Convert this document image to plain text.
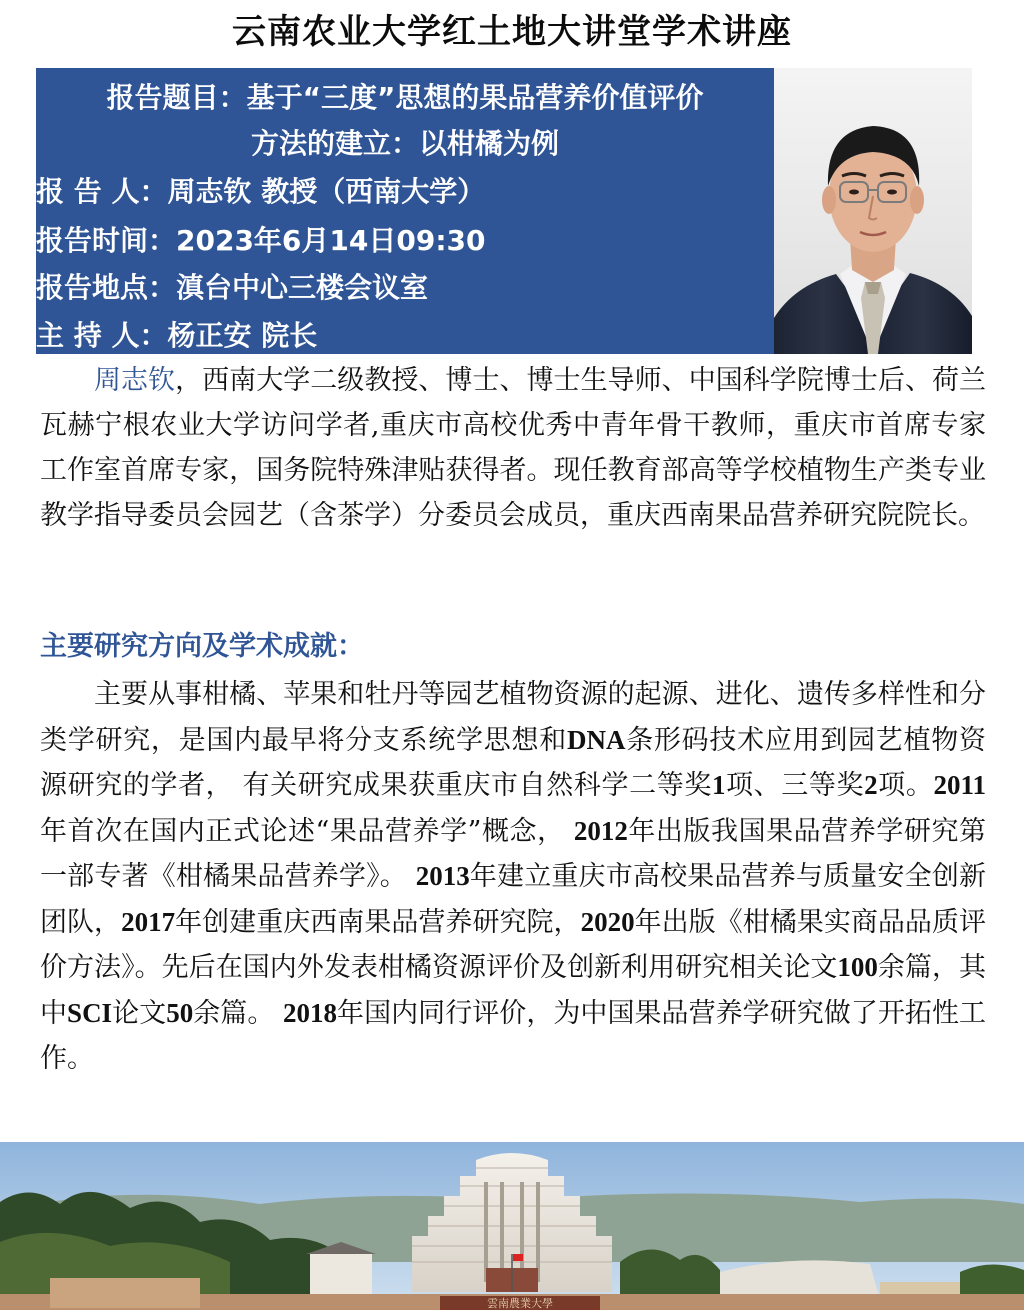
云南农业大学红土地大讲堂学术讲座
报告题目：基于“三度”思想的果品营养价值评价
方法的建立：以柑橘为例
报 告 人：周志钦 教授（西南大学）
报告时间：2023年6月14日09:30
报告地点：滇台中心三楼会议室
主 持 人：杨正安 院长

周志钦，西南大学二级教授、博士、博士生导师、中国科学院博士后、荷兰瓦赫宁根农业大学访问学者,重庆市高校优秀中青年骨干教师，重庆市首席专家工作室首席专家，国务院特殊津贴获得者。现任教育部高等学校植物生产类专业教学指导委员会园艺（含茶学）分委员会成员，重庆西南果品营养研究院院长。

主要研究方向及学术成就：

主要从事柑橘、苹果和牡丹等园艺植物资源的起源、进化、遗传多样性和分类学研究，是国内最早将分支系统学思想和DNA条形码技术应用到园艺植物资源研究的学者， 有关研究成果获重庆市自然科学二等奖1项、三等奖2项。2011年首次在国内正式论述“果品营养学”概念， 2012年出版我国果品营养学研究第一部专著《柑橘果品营养学》。 2013年建立重庆市高校果品营养与质量安全创新团队，2017年创建重庆西南果品营养研究院，2020年出版《柑橘果实商品品质评价方法》。先后在国内外发表柑橘资源评价及创新利用研究相关论文100余篇，其中SCI论文50余篇。 2018年国内同行评价，为中国果品营养学研究做了开拓性工作。

雲南農業大學
